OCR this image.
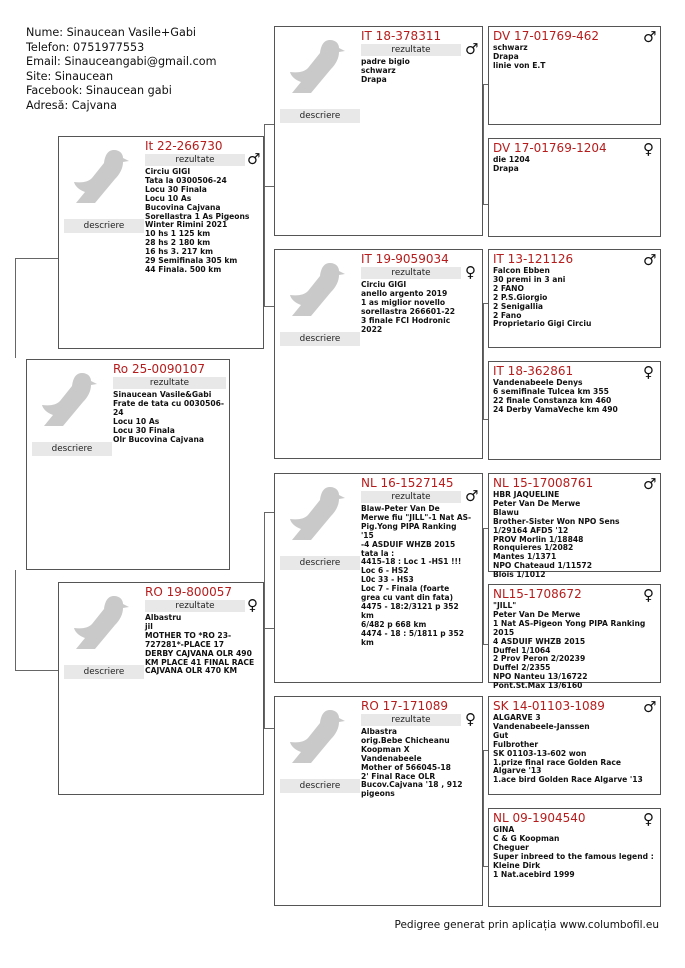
Nume: Sinaucean Vasile+Gabi
Telefon: 0751977553
Email: Sinauceangabi@gmail.com
Site: Sinaucean
Facebook: Sinaucean gabi
Adresă: Cajvana
descriere
Ro 25-0090107
rezultate
Sinaucean Vasile&Gabi
Frate de tata cu 0030506-
24
Locu 10 As
Locu 30 Finala
Olr Bucovina Cajvana
descriere
It 22-266730
rezultate	♂
Circiu GIGI
Tata la 0300506-24
Locu 30 Finala
Locu 10 As
Bucovina Cajvana
Sorellastra 1 As Pigeons
Winter Rimini 2021
10 hs 1 125 km
28 hs 2 180 km
16 hs 3. 217 km
29 Semifinala 305 km
44 Finala. 500 km
descriere
RO 19-800057
rezultate	♀
Albastru
jil
MOTHER TO *RO 23-
727281*-PLACE 17
DERBY CAJVANA OLR 490
KM PLACE 41 FINAL RACE
CAJVANA OLR 470 KM
descriere
IT 18-378311
rezultate	♂
padre bigio
schwarz
Drapa
descriere
IT 19-9059034
rezultate	♀
Circiu GIGI
anello argento 2019
1 as miglior novello
sorellastra 266601-22
3 finale FCI Hodronic
2022
descriere
NL 16-1527145
rezultate	♂
Blaw-Peter Van De
Merwe fiu "JILL"-1 Nat AS-
Pig.Yong PIPA Ranking
'15
-4 ASDUIF WHZB 2015
tata la :
4415-18 : Loc 1 -HS1 !!!
Loc 6 - HS2
L0c 33 - HS3
Loc 7 - Finala (foarte
grea cu vant din fata)
4475 - 18:2/3121 p 352
km
6/482 p 668 km
4474 - 18 : 5/1811 p 352
km
descriere
RO 17-171089
rezultate	♀
Albastra
orig.Bebe Chicheanu
Koopman X
Vandenabeele
Mother of 566045-18
2' Final Race OLR
Bucov.Cajvana '18 , 912
pigeons
DV 17-01769-462	♂
schwarz
Drapa
linie von E.T
DV 17-01769-1204 ♀
die 1204
Drapa
IT 13-121126	♂
Falcon Ebben
30 premi in 3 ani
2 FANO
2 P.S.Giorgio
2 Senigallia
2 Fano
Proprietario Gigi Circiu
IT 18-362861	♀
Vandenabeele Denys
6 semifinale Tulcea km 355
22 finale Constanza km 460
24 Derby VamaVeche km 490
NL 15-17008761	♂
HBR JAQUELINE
Peter Van De Merwe
Blawu
Brother-Sister Won NPO Sens
1/29164 AFD5 '12
PROV Morlin 1/18848
Ronquieres 1/2082
Mantes 1/1371
NPO Chateaud 1/11572
Blois 1/1012
NL15-1708672	♀
"JILL"
Peter Van De Merwe
1 Nat AS-Pigeon Yong PIPA Ranking
2015
4 ASDUIF WHZB 2015
Duffel 1/1064
2 Prov Peron 2/20239
Duffel 2/2355
NPO Nanteu 13/16722
Pont.St.Max 13/6160
SK 14-01103-1089	♂
ALGARVE 3
Vandenabeele-Janssen
Gut
Fulbrother
SK 01103-13-602 won
1.prize final race Golden Race
Algarve '13
1.ace bird Golden Race Algarve '13
NL 09-1904540	♀
GINA
C & G Koopman
Cheguer
Super inbreed to the famous legend :
Kleine Dirk
1 Nat.acebird 1999
Pedigree generat prin aplicația www.columbofil.eu
